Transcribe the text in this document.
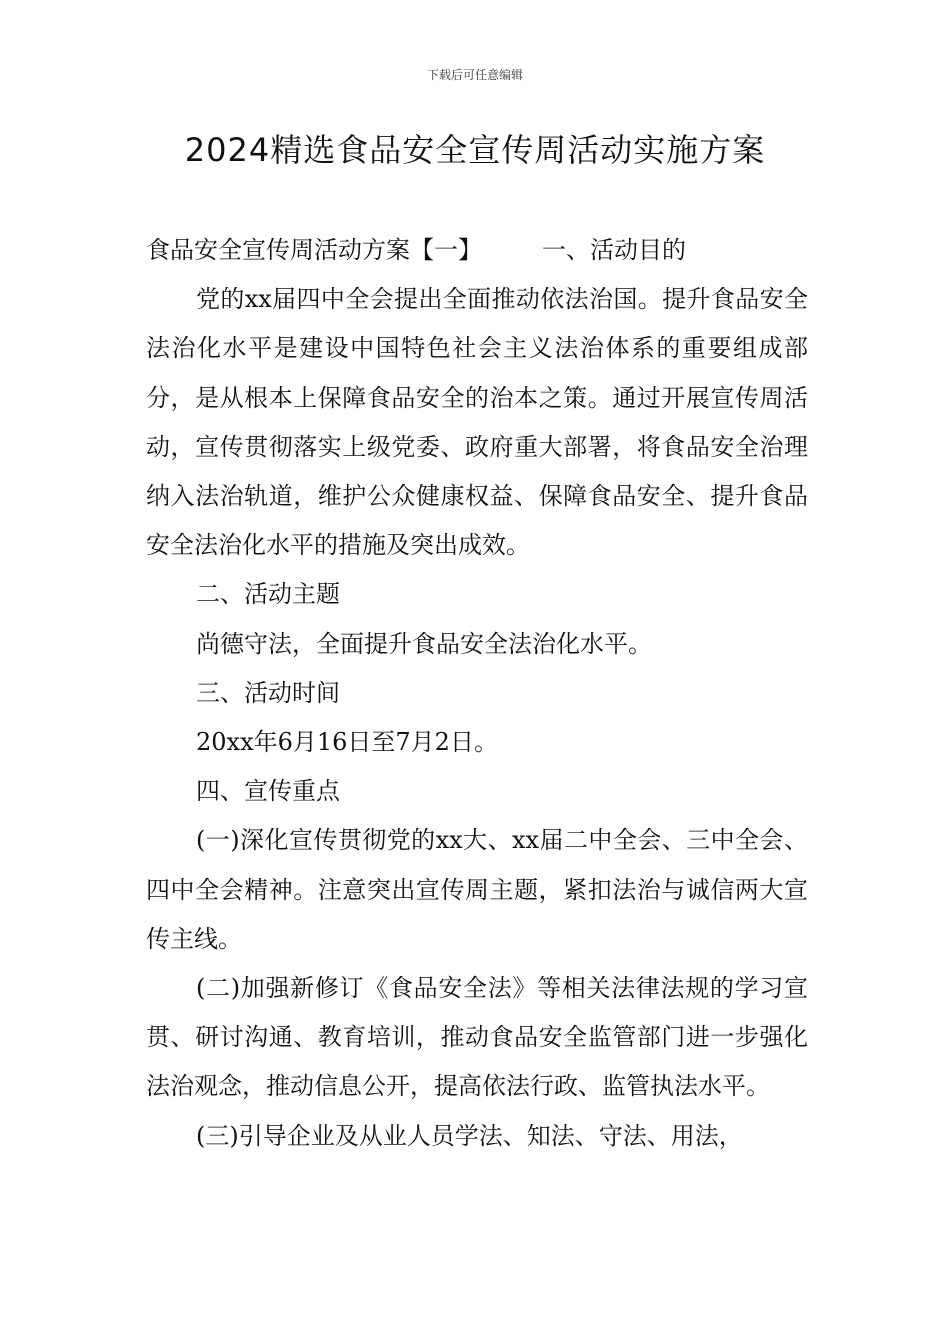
下载后可任意编辑
2024精选食品安全宣传周活动实施方案

食品安全宣传周活动方案【一】	一、活动目的

党的xx届四中全会提出全面推动依法治国。提升食品安全法治化水平是建设中国特色社会主义法治体系的重要组成部分，是从根本上保障食品安全的治本之策。通过开展宣传周活动，宣传贯彻落实上级党委、政府重大部署，将食品安全治理纳入法治轨道，维护公众健康权益、保障食品安全、提升食品安全法治化水平的措施及突出成效。

二、活动主题

尚德守法，全面提升食品安全法治化水平。

三、活动时间

20xx年6月16日至7月2日。

四、宣传重点

(一)深化宣传贯彻党的xx大、xx届二中全会、三中全会、四中全会精神。注意突出宣传周主题，紧扣法治与诚信两大宣传主线。

(二)加强新修订《食品安全法》等相关法律法规的学习宣贯、研讨沟通、教育培训，推动食品安全监管部门进一步强化法治观念，推动信息公开，提高依法行政、监管执法水平。

(三)引导企业及从业人员学法、知法、守法、用法，
